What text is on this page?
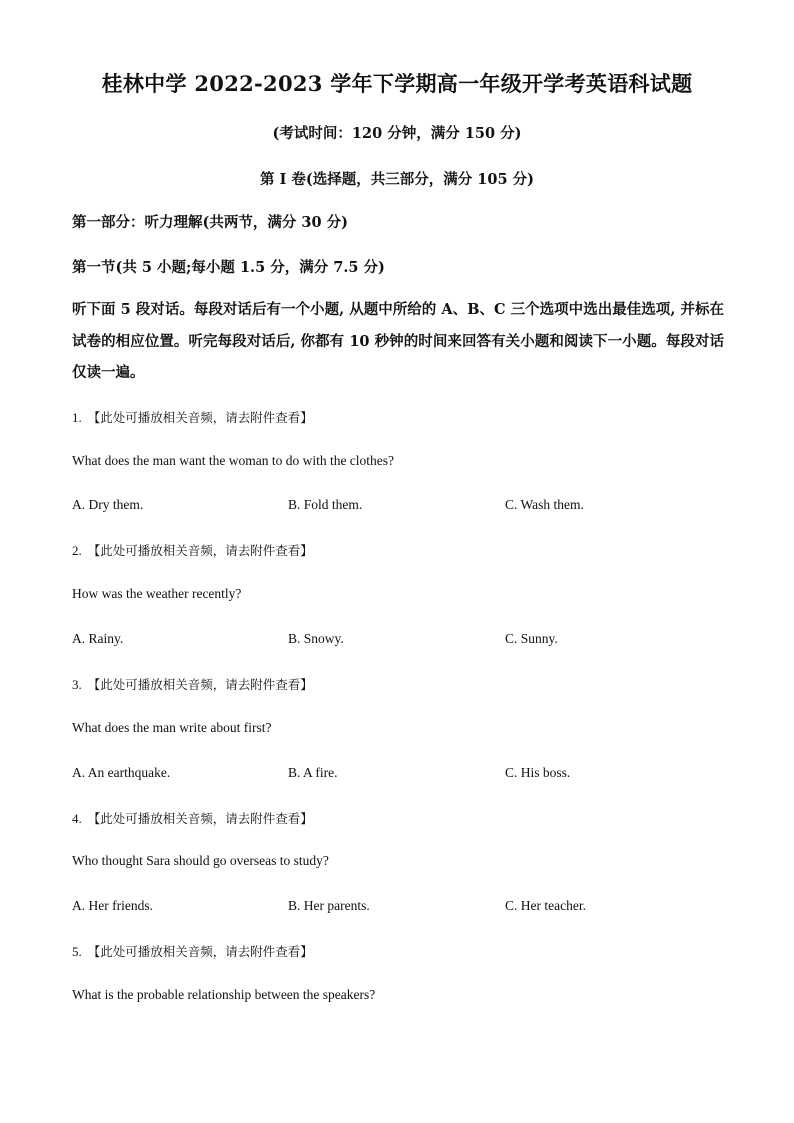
桂林中学 2022-2023 学年下学期高一年级开学考英语科试题
(考试时间：120 分钟，满分 150 分)
第 I 卷(选择题，共三部分，满分 105 分)
第一部分：听力理解(共两节，满分 30 分)
第一节(共 5 小题;每小题 1.5 分，满分 7.5 分)
听下面 5 段对话。每段对话后有一个小题, 从题中所给的 A、B、C 三个选项中选出最佳选项, 并标在试卷的相应位置。听完每段对话后, 你都有 10 秒钟的时间来回答有关小题和阅读下一小题。每段对话仅读一遍。
1. 【此处可播放相关音频，请去附件查看】
What does the man want the woman to do with the clothes?
A. Dry them.	B. Fold them.	C. Wash them.
2. 【此处可播放相关音频，请去附件查看】
How was the weather recently?
A. Rainy.	B. Snowy.	C. Sunny.
3. 【此处可播放相关音频，请去附件查看】
What does the man write about first?
A. An earthquake.	B. A fire.	C. His boss.
4. 【此处可播放相关音频，请去附件查看】
Who thought Sara should go overseas to study?
A. Her friends.	B. Her parents.	C. Her teacher.
5. 【此处可播放相关音频，请去附件查看】
What is the probable relationship between the speakers?
